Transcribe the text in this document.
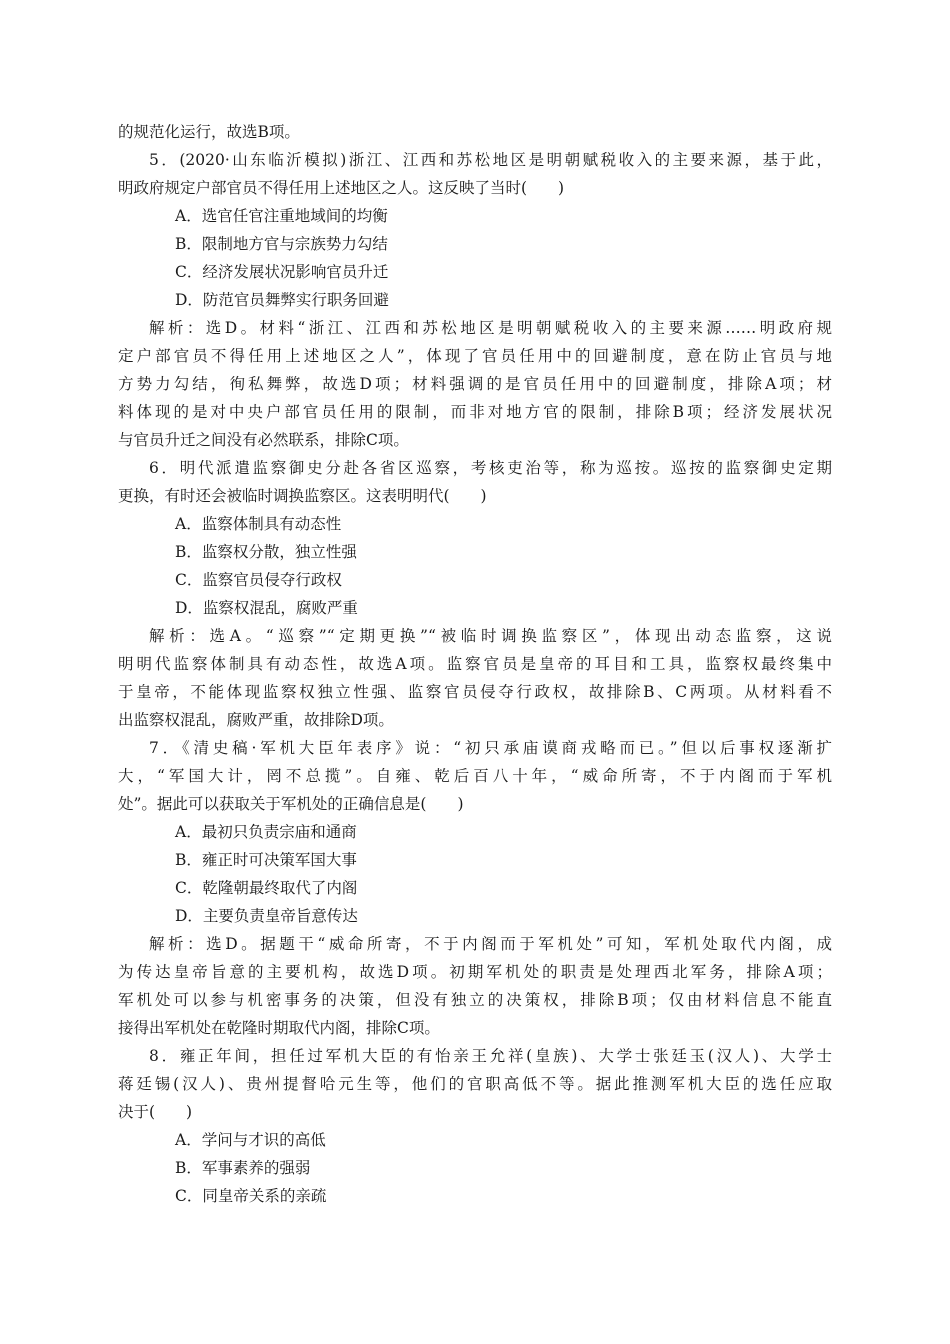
的规范化运行，故选B项。
5．(2020·山东临沂模拟)浙江、江西和苏松地区是明朝赋税收入的主要来源，基于此，
明政府规定户部官员不得任用上述地区之人。这反映了当时(　　)
A．选官任官注重地域间的均衡
B．限制地方官与宗族势力勾结
C．经济发展状况影响官员升迁
D．防范官员舞弊实行职务回避
解析：选D。材料“浙江、江西和苏松地区是明朝赋税收入的主要来源……明政府规
定户部官员不得任用上述地区之人”，体现了官员任用中的回避制度，意在防止官员与地
方势力勾结，徇私舞弊，故选D项；材料强调的是官员任用中的回避制度，排除A项；材
料体现的是对中央户部官员任用的限制，而非对地方官的限制，排除B项；经济发展状况
与官员升迁之间没有必然联系，排除C项。
6．明代派遣监察御史分赴各省区巡察，考核吏治等，称为巡按。巡按的监察御史定期
更换，有时还会被临时调换监察区。这表明明代(　　)
A．监察体制具有动态性
B．监察权分散，独立性强
C．监察官员侵夺行政权
D．监察权混乱，腐败严重
解析：选A。“巡察”“定期更换”“被临时调换监察区”，体现出动态监察，这说
明明代监察体制具有动态性，故选A项。监察官员是皇帝的耳目和工具，监察权最终集中
于皇帝，不能体现监察权独立性强、监察官员侵夺行政权，故排除B、C两项。从材料看不
出监察权混乱，腐败严重，故排除D项。
7．《清史稿·军机大臣年表序》说：“初只承庙谟商戎略而已。”但以后事权逐渐扩
大，“军国大计，罔不总揽”。自雍、乾后百八十年，“威命所寄，不于内阁而于军机
处”。据此可以获取关于军机处的正确信息是(　　)
A．最初只负责宗庙和通商
B．雍正时可决策军国大事
C．乾隆朝最终取代了内阁
D．主要负责皇帝旨意传达
解析：选D。据题干“威命所寄，不于内阁而于军机处”可知，军机处取代内阁，成
为传达皇帝旨意的主要机构，故选D项。初期军机处的职责是处理西北军务，排除A项；
军机处可以参与机密事务的决策，但没有独立的决策权，排除B项；仅由材料信息不能直
接得出军机处在乾隆时期取代内阁，排除C项。
8．雍正年间，担任过军机大臣的有怡亲王允祥(皇族)、大学士张廷玉(汉人)、大学士
蒋廷锡(汉人)、贵州提督哈元生等，他们的官职高低不等。据此推测军机大臣的选任应取
决于(　　)
A．学问与才识的高低
B．军事素养的强弱
C．同皇帝关系的亲疏
